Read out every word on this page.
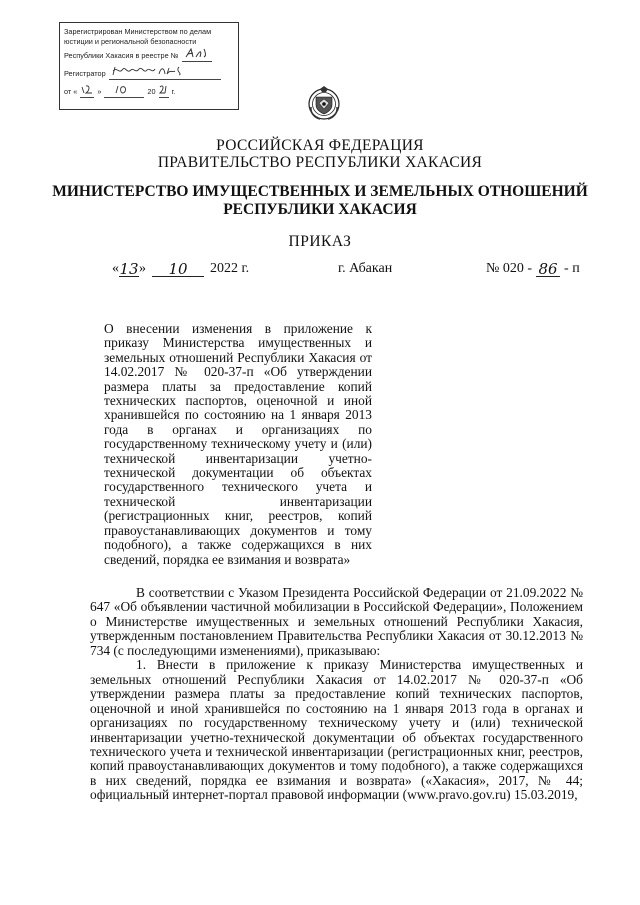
Зарегистрирован Министерством по делам
юстиции и региональной безопасности
Республики Хакасия в реестре №
Регистратор
от «	»	20 г.
РОССИЙСКАЯ ФЕДЕРАЦИЯ
ПРАВИТЕЛЬСТВО РЕСПУБЛИКИ ХАКАСИЯ
МИНИСТЕРСТВО ИМУЩЕСТВЕННЫХ И ЗЕМЕЛЬНЫХ ОТНОШЕНИЙ
РЕСПУБЛИКИ ХАКАСИЯ
ПРИКАЗ
« 13 »	10	2022 г.	г. Абакан	№ 020 - 86 - п
О внесении изменения в приложение к приказу Министерства имущественных и земельных отношений Республики Хакасия от 14.02.2017 № 020-37-п «Об утверждении размера платы за предоставление копий технических паспортов, оценочной и иной хранившейся по состоянию на 1 января 2013 года в органах и организациях по государственному техническому учету и (или) технической инвентаризации учетно-технической документации об объектах государственного технического учета и технической инвентаризации (регистрационных книг, реестров, копий правоустанавливающих документов и тому подобного), а также содержащихся в них сведений, порядка ее взимания и возврата»

В соответствии с Указом Президента Российской Федерации от 21.09.2022 № 647 «Об объявлении частичной мобилизации в Российской Федерации», Положением о Министерстве имущественных и земельных отношений Республики Хакасия, утвержденным постановлением Правительства Республики Хакасия от 30.12.2013 № 734 (с последующими изменениями), приказываю:

1. Внести в приложение к приказу Министерства имущественных и земельных отношений Республики Хакасия от 14.02.2017 № 020-37-п «Об утверждении размера платы за предоставление копий технических паспортов, оценочной и иной хранившейся по состоянию на 1 января 2013 года в органах и организациях по государственному техническому учету и (или) технической инвентаризации учетно-технической документации об объектах государственного технического учета и технической инвентаризации (регистрационных книг, реестров, копий правоустанавливающих документов и тому подобного), а также содержащихся в них сведений, порядка ее взимания и возврата» («Хакасия», 2017, № 44; официальный интернет-портал правовой информации (www.pravo.gov.ru) 15.03.2019,
